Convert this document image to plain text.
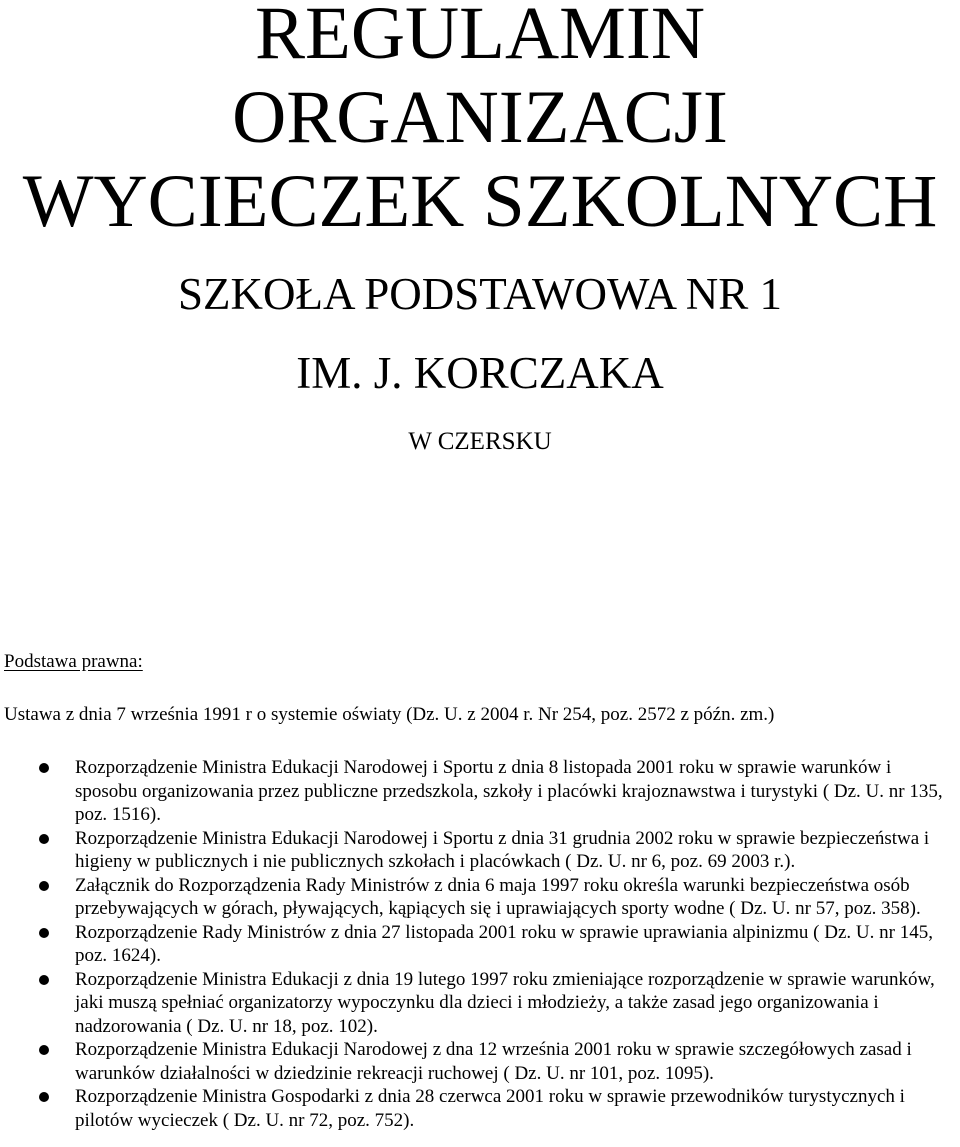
REGULAMIN
ORGANIZACJI
WYCIECZEK SZKOLNYCH
SZKOŁA PODSTAWOWA NR 1
IM. J. KORCZAKA
W CZERSKU
Podstawa prawna:
Ustawa z dnia 7 września 1991 r o systemie oświaty (Dz. U. z 2004 r. Nr 254, poz. 2572 z późn. zm.)
Rozporządzenie Ministra Edukacji Narodowej i Sportu z dnia 8 listopada 2001 roku w sprawie warunków i sposobu organizowania przez publiczne przedszkola, szkoły i placówki krajoznawstwa i turystyki ( Dz. U. nr 135, poz. 1516).
Rozporządzenie Ministra Edukacji Narodowej i Sportu z dnia 31 grudnia 2002 roku w sprawie bezpieczeństwa i higieny w publicznych i nie publicznych szkołach i placówkach ( Dz. U. nr 6, poz. 69 2003 r.).
Załącznik do Rozporządzenia Rady Ministrów z dnia 6 maja 1997 roku określa warunki bezpieczeństwa osób przebywających w górach, pływających, kąpiących się i uprawiających sporty wodne ( Dz. U. nr 57, poz. 358).
Rozporządzenie Rady Ministrów z dnia 27 listopada 2001 roku w sprawie uprawiania alpinizmu ( Dz. U. nr 145, poz. 1624).
Rozporządzenie Ministra Edukacji z dnia 19 lutego 1997 roku zmieniające rozporządzenie w sprawie warunków, jaki muszą spełniać organizatorzy wypoczynku dla dzieci i młodzieży, a także zasad jego organizowania i nadzorowania ( Dz. U. nr 18, poz. 102).
Rozporządzenie Ministra Edukacji Narodowej z dna 12 września 2001 roku w sprawie szczegółowych zasad i warunków działalności w dziedzinie rekreacji ruchowej ( Dz. U. nr 101, poz. 1095).
Rozporządzenie Ministra Gospodarki z dnia 28 czerwca 2001 roku w sprawie przewodników turystycznych i pilotów wycieczek ( Dz. U. nr 72, poz. 752).
